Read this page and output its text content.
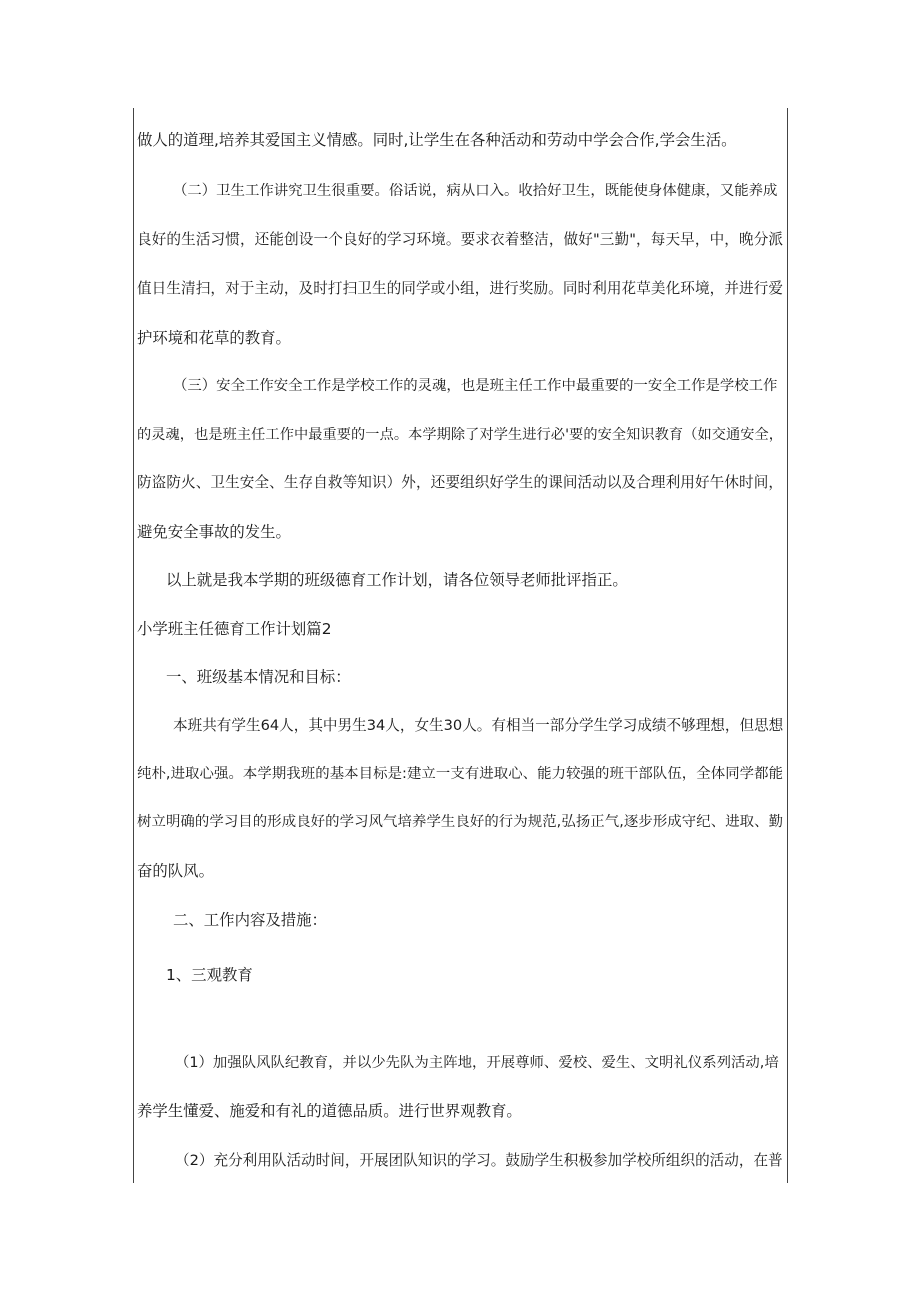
做人的道理,培养其爱国主义情感。同时,让学生在各种活动和劳动中学会合作,学会生活。
（二）卫生工作讲究卫生很重要。俗话说，病从口入。收拾好卫生，既能使身体健康，又能养成
良好的生活习惯，还能创设一个良好的学习环境。要求衣着整洁，做好"三勤"，每天早，中，晚分派
值日生清扫，对于主动，及时打扫卫生的同学或小组，进行奖励。同时利用花草美化环境，并进行爱
护环境和花草的教育。
（三）安全工作安全工作是学校工作的灵魂，也是班主任工作中最重要的一安全工作是学校工作
的灵魂，也是班主任工作中最重要的一点。本学期除了对学生进行必'要的安全知识教育（如交通安全，
防盗防火、卫生安全、生存自救等知识）外，还要组织好学生的课间活动以及合理利用好午休时间，
避免安全事故的发生。
以上就是我本学期的班级德育工作计划，请各位领导老师批评指正。
小学班主任德育工作计划篇2
一、班级基本情况和目标：
本班共有学生64人，其中男生34人，女生30人。有相当一部分学生学习成绩不够理想，但思想
纯朴,进取心强。本学期我班的基本目标是:建立一支有进取心、能力较强的班干部队伍，全体同学都能
树立明确的学习目的形成良好的学习风气培养学生良好的行为规范,弘扬正气,逐步形成守纪、进取、勤
奋的队风。
二、工作内容及措施：
1、三观教育
（1）加强队风队纪教育，并以少先队为主阵地，开展尊师、爱校、爱生、文明礼仪系列活动,培
养学生懂爱、施爱和有礼的道德品质。进行世界观教育。
（2）充分利用队活动时间，开展团队知识的学习。鼓励学生积极参加学校所组织的活动，在普
